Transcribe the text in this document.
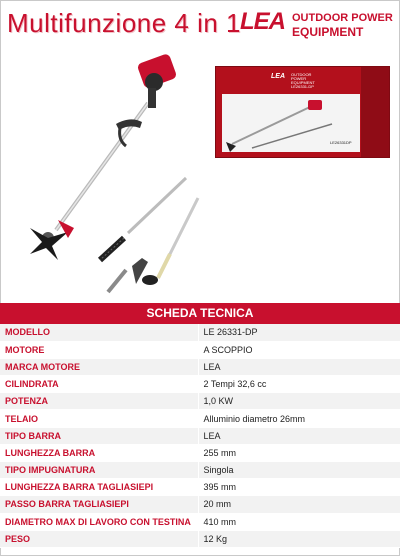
Multifunzione 4 in 1
LEA OUTDOOR POWER
EQUIPMENT
LEA OUTDOOR POWER EQUIPMENT
LE26331-DP
LE26331DP
SCHEDA TECNICA
MODELLO	LE 26331-DP
MOTORE	A SCOPPIO
MARCA MOTORE	LEA
CILINDRATA	2 Tempi 32,6 cc
POTENZA	1,0 KW
TELAIO	Alluminio diametro 26mm
TIPO BARRA	LEA
LUNGHEZZA BARRA	255 mm
TIPO IMPUGNATURA	Singola
LUNGHEZZA BARRA TAGLIASIEPI	395 mm
PASSO BARRA TAGLIASIEPI	20 mm
DIAMETRO MAX DI LAVORO CON TESTINA	410 mm
PESO	12 Kg
